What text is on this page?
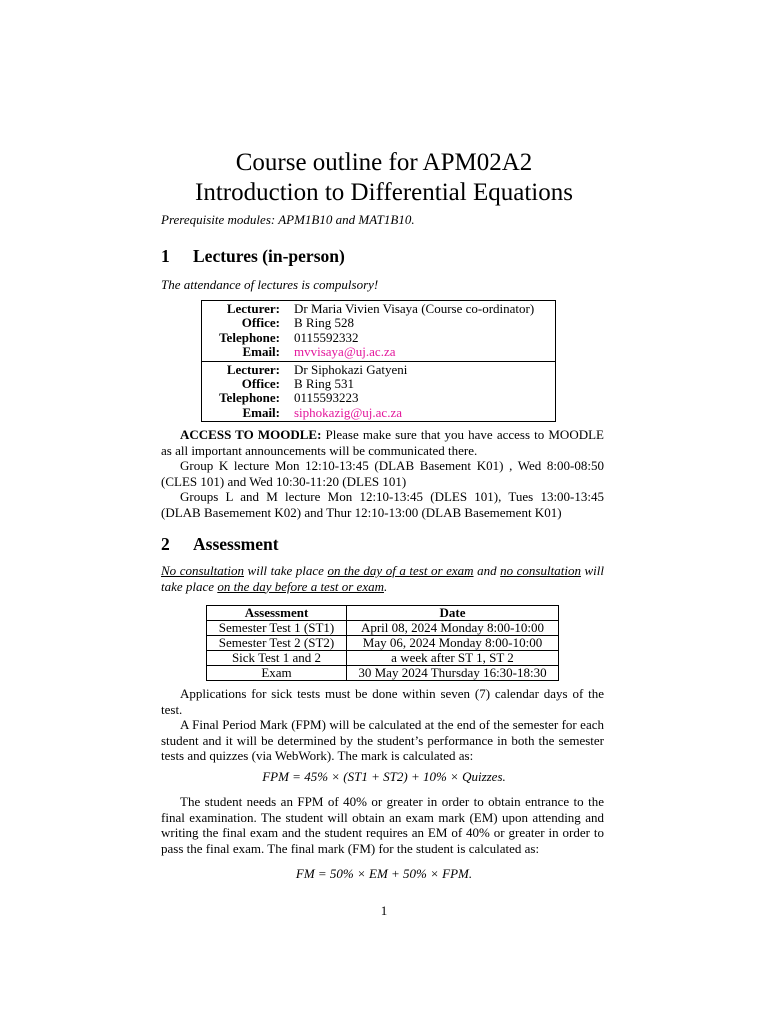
Course outline for APM02A2
Introduction to Differential Equations
Prerequisite modules: APM1B10 and MAT1B10.
1 Lectures (in-person)
The attendance of lectures is compulsory!
Lecturer:	Dr Maria Vivien Visaya (Course co-ordinator)
Office:	B Ring 528
Telephone:	0115592332
Email:	mvvisaya@uj.ac.za
Lecturer:	Dr Siphokazi Gatyeni
Office:	B Ring 531
Telephone:	0115593223
Email:	siphokazig@uj.ac.za
ACCESS TO MOODLE: Please make sure that you have access to MOODLE as all important announcements will be communicated there.
Group K lecture Mon 12:10-13:45 (DLAB Basement K01) , Wed 8:00-08:50 (CLES 101) and Wed 10:30-11:20 (DLES 101)
Groups L and M lecture Mon 12:10-13:45 (DLES 101), Tues 13:00-13:45 (DLAB Basemement K02) and Thur 12:10-13:00 (DLAB Basemement K01)
2 Assessment
No consultation will take place on the day of a test or exam and no consultation will take place on the day before a test or exam.
Assessment	Date
Semester Test 1 (ST1)	April 08, 2024 Monday 8:00-10:00
Semester Test 2 (ST2)	May 06, 2024 Monday 8:00-10:00
Sick Test 1 and 2	a week after ST 1, ST 2
Exam	30 May 2024 Thursday 16:30-18:30
Applications for sick tests must be done within seven (7) calendar days of the test.
A Final Period Mark (FPM) will be calculated at the end of the semester for each student and it will be determined by the student’s performance in both the semester tests and quizzes (via WebWork). The mark is calculated as:
FPM = 45% × (ST1 + ST2) + 10% × Quizzes.
The student needs an FPM of 40% or greater in order to obtain entrance to the final examination. The student will obtain an exam mark (EM) upon attending and writing the final exam and the student requires an EM of 40% or greater in order to pass the final exam. The final mark (FM) for the student is calculated as:
FM = 50% × EM + 50% × FPM.
1
